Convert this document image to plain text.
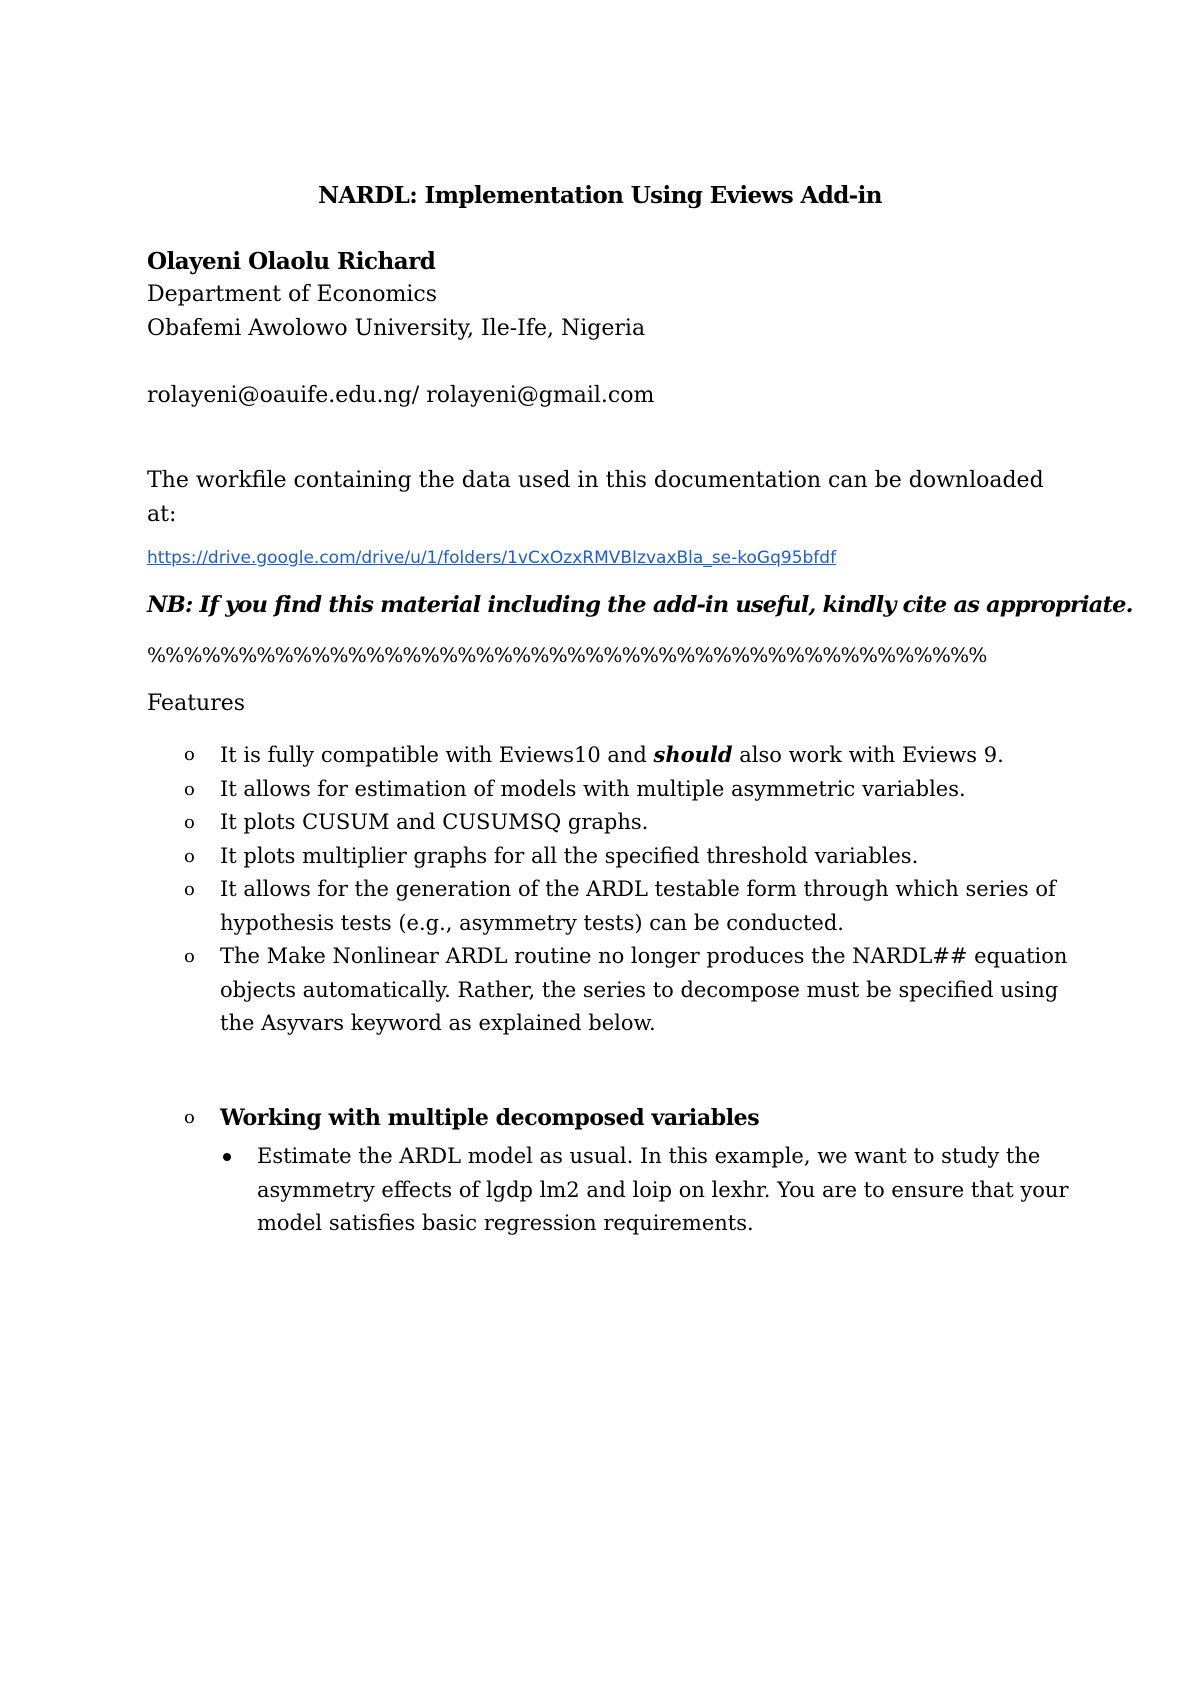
NARDL: Implementation Using Eviews Add-in
Olayeni Olaolu Richard
Department of Economics
Obafemi Awolowo University, Ile-Ife, Nigeria
rolayeni@oauife.edu.ng/ rolayeni@gmail.com
The workfile containing the data used in this documentation can be downloaded at:
https://drive.google.com/drive/u/1/folders/1vCxOzxRMVBIzvaxBla_se-koGq95bfdf
NB: If you find this material including the add-in useful, kindly cite as appropriate.
%%%%%%%%%%%%%%%%%%%%%%%%%%%%%%%%%%%%%%%%%%%%%%
Features
o It is fully compatible with Eviews10 and should also work with Eviews 9.
o It allows for estimation of models with multiple asymmetric variables.
o It plots CUSUM and CUSUMSQ graphs.
o It plots multiplier graphs for all the specified threshold variables.
o It allows for the generation of the ARDL testable form through which series of hypothesis tests (e.g., asymmetry tests) can be conducted.
o The Make Nonlinear ARDL routine no longer produces the NARDL## equation objects automatically. Rather, the series to decompose must be specified using the Asyvars keyword as explained below.
o Working with multiple decomposed variables
Estimate the ARDL model as usual. In this example, we want to study the asymmetry effects of lgdp lm2 and loip on lexhr. You are to ensure that your model satisfies basic regression requirements.
